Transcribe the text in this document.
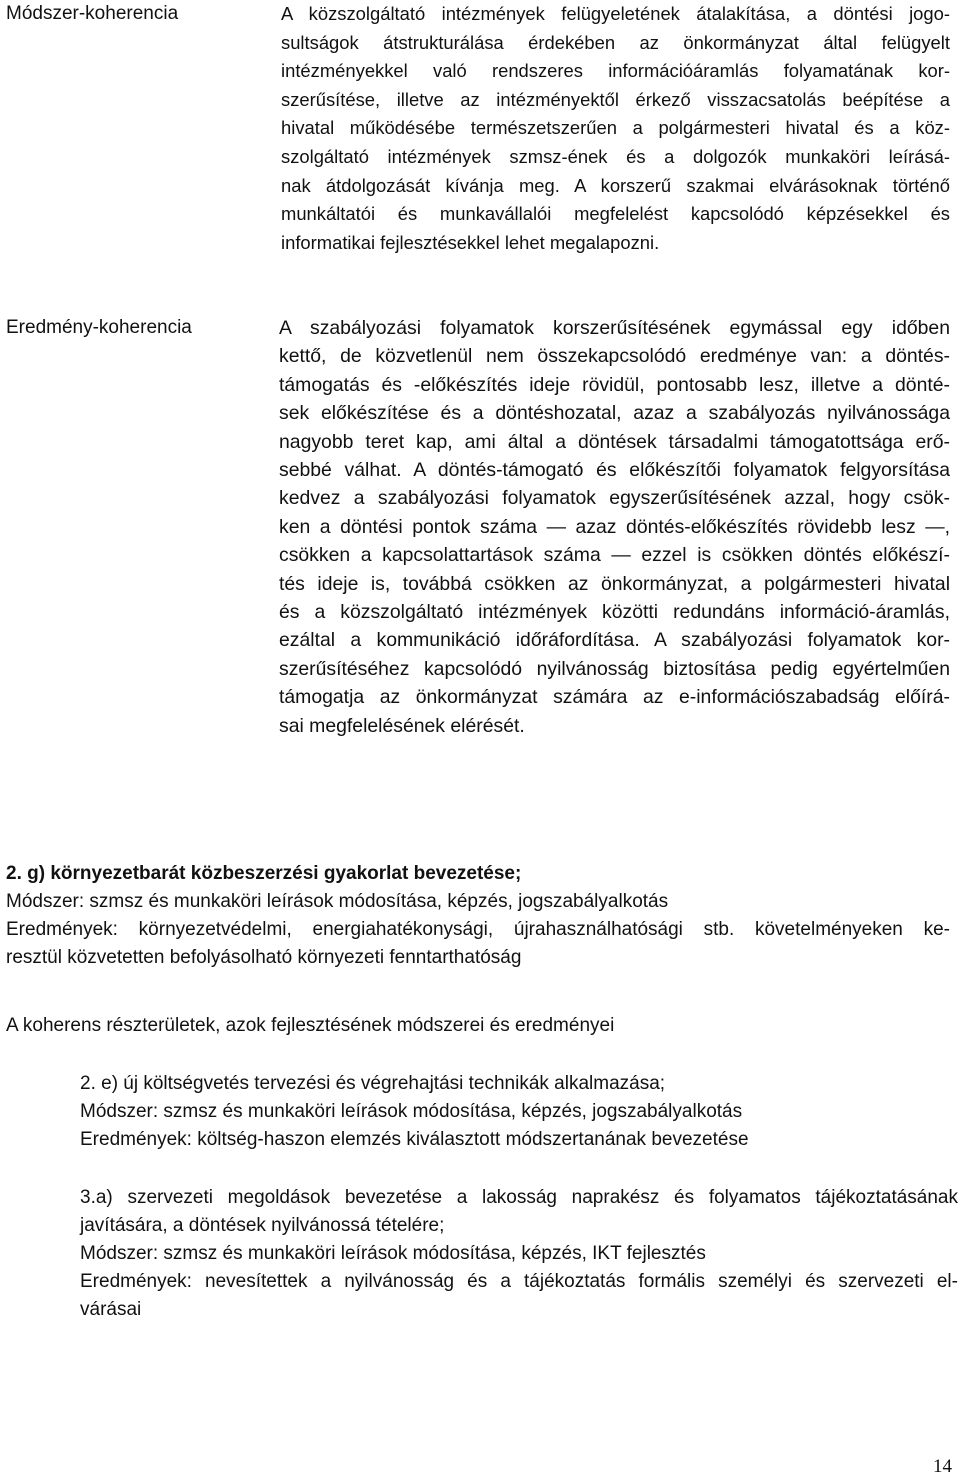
Módszer-koherencia	A közszolgáltató intézmények felügyeletének átalakítása, a döntési jogo-
sultságok átstrukturálása érdekében az önkormányzat által felügyelt
intézményekkel való rendszeres információáramlás folyamatának kor-
szerűsítése, illetve az intézményektől érkező visszacsatolás beépítése a
hivatal működésébe természetszerűen a polgármesteri hivatal és a köz-
szolgáltató intézmények szmsz-ének és a dolgozók munkaköri leírásá-
nak átdolgozását kívánja meg. A korszerű szakmai elvárásoknak történő
munkáltatói és munkavállalói megfelelést kapcsolódó képzésekkel és
informatikai fejlesztésekkel lehet megalapozni.
Eredmény-koherencia	A szabályozási folyamatok korszerűsítésének egymással egy időben
kettő, de közvetlenül nem összekapcsolódó eredménye van: a döntés-
támogatás és -előkészítés ideje rövidül, pontosabb lesz, illetve a dönté-
sek előkészítése és a döntéshozatal, azaz a szabályozás nyilvánossága
nagyobb teret kap, ami által a döntések társadalmi támogatottsága erő-
sebbé válhat. A döntés-támogató és előkészítői folyamatok felgyorsítása
kedvez a szabályozási folyamatok egyszerűsítésének azzal, hogy csök-
ken a döntési pontok száma — azaz döntés-előkészítés rövidebb lesz —,
csökken a kapcsolattartások száma — ezzel is csökken döntés előkészí-
tés ideje is, továbbá csökken az önkormányzat, a polgármesteri hivatal
és a közszolgáltató intézmények közötti redundáns információ-áramlás,
ezáltal a kommunikáció időráfordítása. A szabályozási folyamatok kor-
szerűsítéséhez kapcsolódó nyilvánosság biztosítása pedig egyértelműen
támogatja az önkormányzat számára az e-információszabadság előírá-
sai megfelelésének elérését.
2. g) környezetbarát közbeszerzési gyakorlat bevezetése;
Módszer: szmsz és munkaköri leírások módosítása, képzés, jogszabályalkotás
Eredmények: környezetvédelmi, energiahatékonysági, újrahasználhatósági stb. követelményeken ke-
resztül közvetetten befolyásolható környezeti fenntarthatóság
A koherens részterületek, azok fejlesztésének módszerei és eredményei
2. e) új költségvetés tervezési és végrehajtási technikák alkalmazása;
Módszer: szmsz és munkaköri leírások módosítása, képzés, jogszabályalkotás
Eredmények: költség-haszon elemzés kiválasztott módszertanának bevezetése
3.a) szervezeti megoldások bevezetése a lakosság naprakész és folyamatos tájékoztatásának
javítására, a döntések nyilvánossá tételére;
Módszer: szmsz és munkaköri leírások módosítása, képzés, IKT fejlesztés
Eredmények: nevesítettek a nyilvánosság és a tájékoztatás formális személyi és szervezeti el-
várásai
14
